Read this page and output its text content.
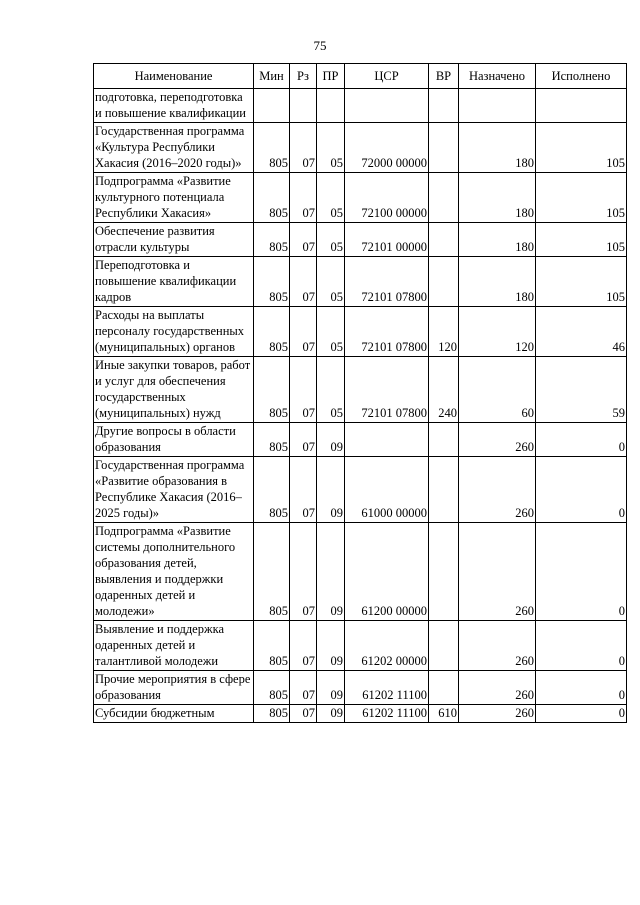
75
Наименование	Мин	Рз	ПР	ЦСР	ВР	Назначено	Исполнено
подготовка, переподготовка и повышение квалификации							
Государственная программа «Культура Республики Хакасия (2016–2020 годы)»	805	07	05	72000 00000		180	105
Подпрограмма «Развитие культурного потенциала Республики Хакасия»	805	07	05	72100 00000		180	105
Обеспечение развития отрасли культуры	805	07	05	72101 00000		180	105
Переподготовка и повышение квалификации кадров	805	07	05	72101 07800		180	105
Расходы на выплаты персоналу государственных (муниципальных) органов	805	07	05	72101 07800	120	120	46
Иные закупки товаров, работ и услуг для обеспечения государственных (муниципальных) нужд	805	07	05	72101 07800	240	60	59
Другие вопросы в области образования	805	07	09			260	0
Государственная программа «Развитие образования в Республике Хакасия (2016–2025 годы)»	805	07	09	61000 00000		260	0
Подпрограмма «Развитие системы дополнительного образования детей, выявления и поддержки одаренных детей и молодежи»	805	07	09	61200 00000		260	0
Выявление и поддержка одаренных детей и талантливой молодежи	805	07	09	61202 00000		260	0
Прочие мероприятия в сфере образования	805	07	09	61202 11100		260	0
Субсидии бюджетным	805	07	09	61202 11100	610	260	0
